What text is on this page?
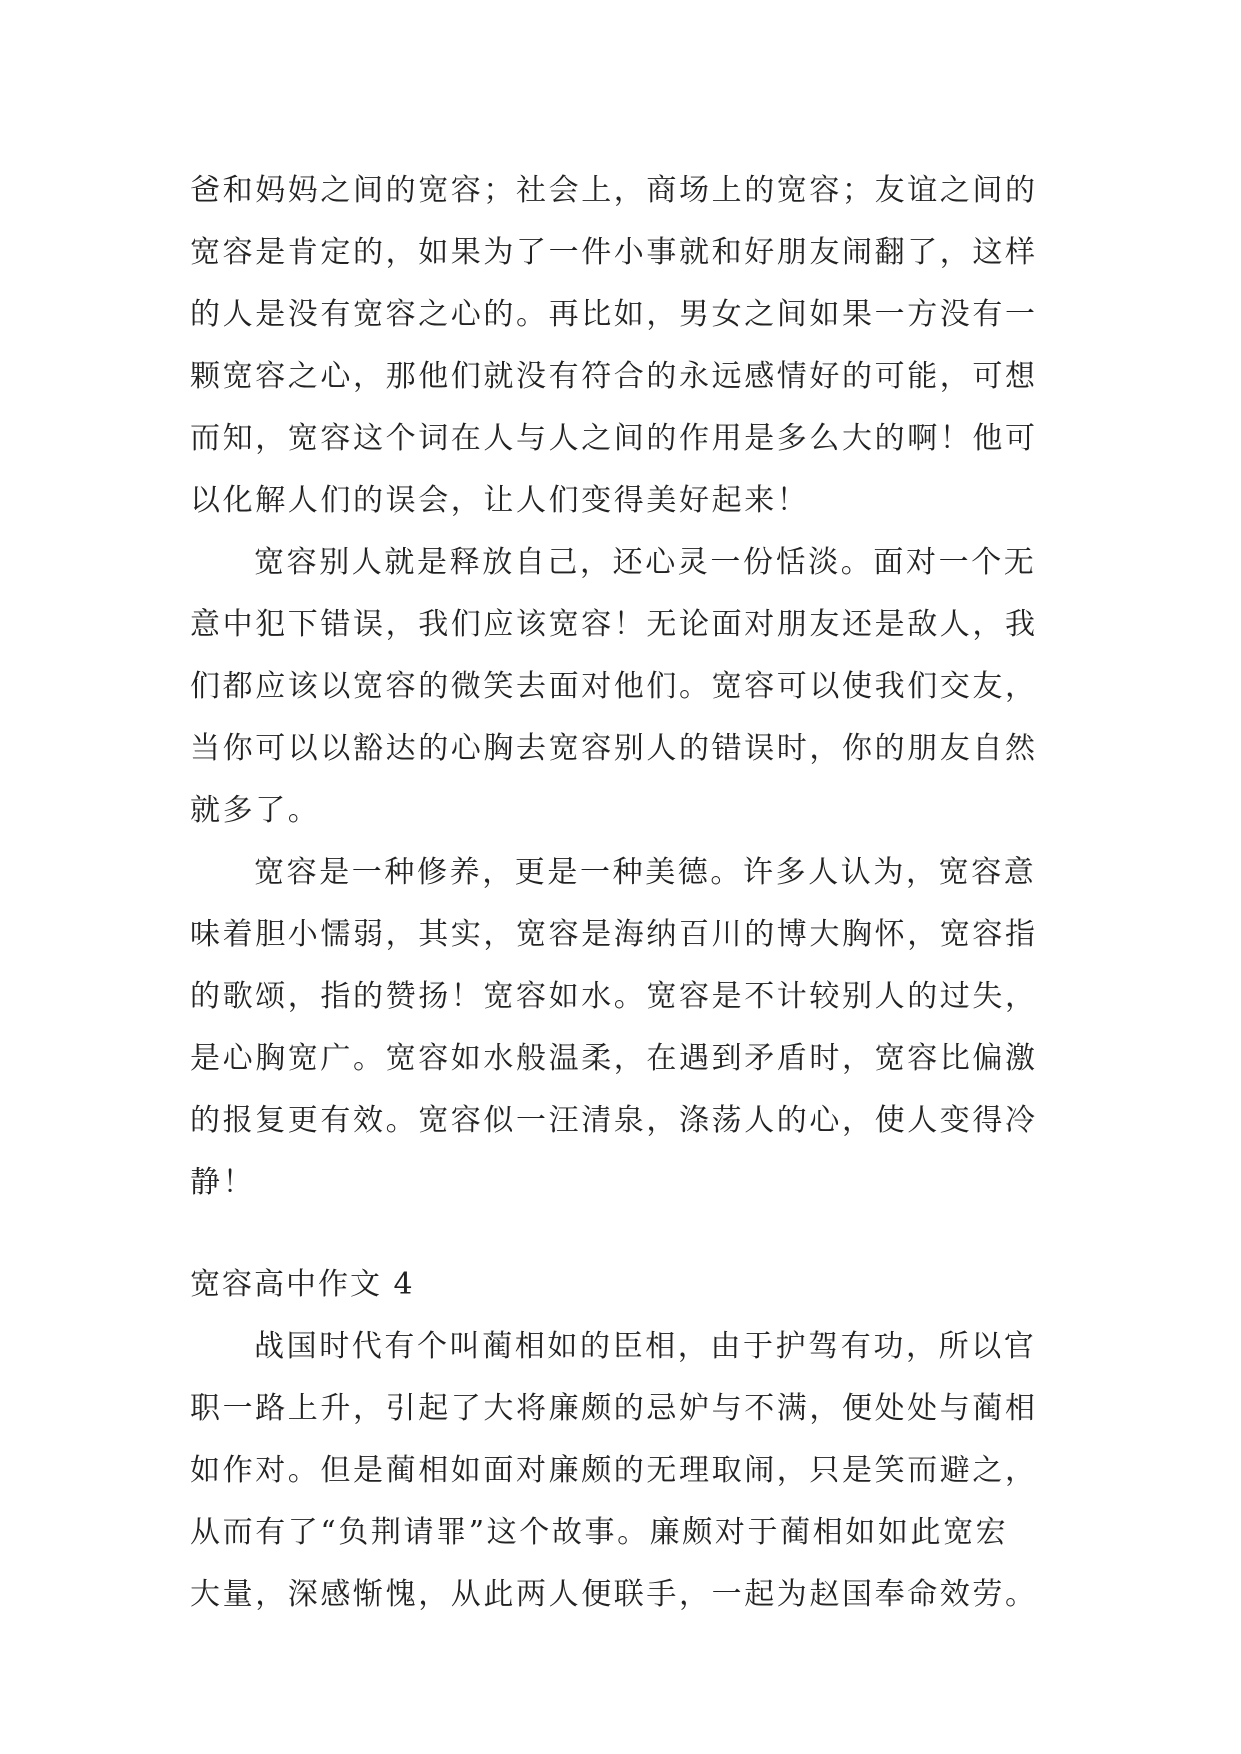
爸和妈妈之间的宽容；社会上，商场上的宽容；友谊之间的
宽容是肯定的，如果为了一件小事就和好朋友闹翻了，这样
的人是没有宽容之心的。再比如，男女之间如果一方没有一
颗宽容之心，那他们就没有符合的永远感情好的可能，可想
而知，宽容这个词在人与人之间的作用是多么大的啊！他可
以化解人们的误会，让人们变得美好起来！
宽容别人就是释放自己，还心灵一份恬淡。面对一个无
意中犯下错误，我们应该宽容！无论面对朋友还是敌人，我
们都应该以宽容的微笑去面对他们。宽容可以使我们交友，
当你可以以豁达的心胸去宽容别人的错误时，你的朋友自然
就多了。
宽容是一种修养，更是一种美德。许多人认为，宽容意
味着胆小懦弱，其实，宽容是海纳百川的博大胸怀，宽容指
的歌颂，指的赞扬！宽容如水。宽容是不计较别人的过失，
是心胸宽广。宽容如水般温柔，在遇到矛盾时，宽容比偏激
的报复更有效。宽容似一汪清泉，涤荡人的心，使人变得冷
静！
宽容高中作文 4
战国时代有个叫蔺相如的臣相，由于护驾有功，所以官
职一路上升，引起了大将廉颇的忌妒与不满，便处处与蔺相
如作对。但是蔺相如面对廉颇的无理取闹，只是笑而避之，
从而有了“负荆请罪”这个故事。廉颇对于蔺相如如此宽宏
大量，深感惭愧，从此两人便联手，一起为赵国奉命效劳。
